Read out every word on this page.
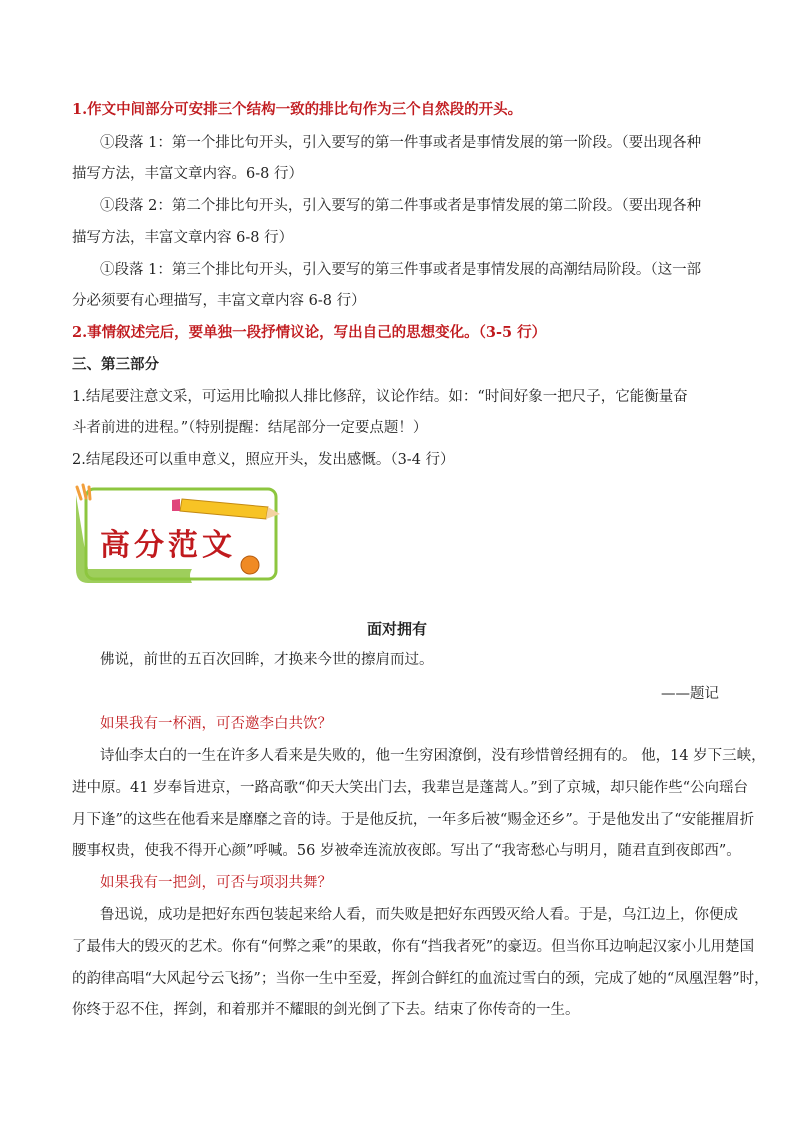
1.作文中间部分可安排三个结构一致的排比句作为三个自然段的开头。
①段落 1：第一个排比句开头，引入要写的第一件事或者是事情发展的第一阶段。（要出现各种
描写方法，丰富文章内容。6-8 行）
①段落 2：第二个排比句开头，引入要写的第二件事或者是事情发展的第二阶段。（要出现各种
描写方法，丰富文章内容 6-8 行）
①段落 1：第三个排比句开头，引入要写的第三件事或者是事情发展的高潮结局阶段。（这一部
分必须要有心理描写，丰富文章内容 6-8 行）
2.事情叙述完后，要单独一段抒情议论，写出自己的思想变化。（3-5 行）
三、第三部分
1.结尾要注意文采，可运用比喻拟人排比修辞，议论作结。如：“时间好象一把尺子，它能衡量奋
斗者前进的进程。”（特别提醒：结尾部分一定要点题！）
2.结尾段还可以重申意义，照应开头，发出感慨。（3-4 行）
高分范文
面对拥有
佛说，前世的五百次回眸，才换来今世的擦肩而过。
——题记
如果我有一杯酒，可否邀李白共饮？
诗仙李太白的一生在许多人看来是失败的，他一生穷困潦倒，没有珍惜曾经拥有的。 他，14 岁下三峡，
进中原。41 岁奉旨进京，一路高歌“仰天大笑出门去，我辈岂是蓬蒿人。”到了京城，却只能作些“公向瑶台
月下逢”的这些在他看来是靡靡之音的诗。于是他反抗，一年多后被“赐金还乡”。于是他发出了“安能摧眉折
腰事权贵，使我不得开心颜”呼喊。56 岁被牵连流放夜郎。写出了“我寄愁心与明月，随君直到夜郎西”。
如果我有一把剑，可否与项羽共舞？
鲁迅说，成功是把好东西包装起来给人看，而失败是把好东西毁灭给人看。于是，乌江边上，你便成
了最伟大的毁灭的艺术。你有“何弊之乘”的果敢，你有“挡我者死”的豪迈。但当你耳边响起汉家小儿用楚国
的韵律高唱“大风起兮云飞扬”；当你一生中至爱，挥剑合鲜红的血流过雪白的颈，完成了她的“凤凰涅磐”时，
你终于忍不住，挥剑，和着那并不耀眼的剑光倒了下去。结束了你传奇的一生。
